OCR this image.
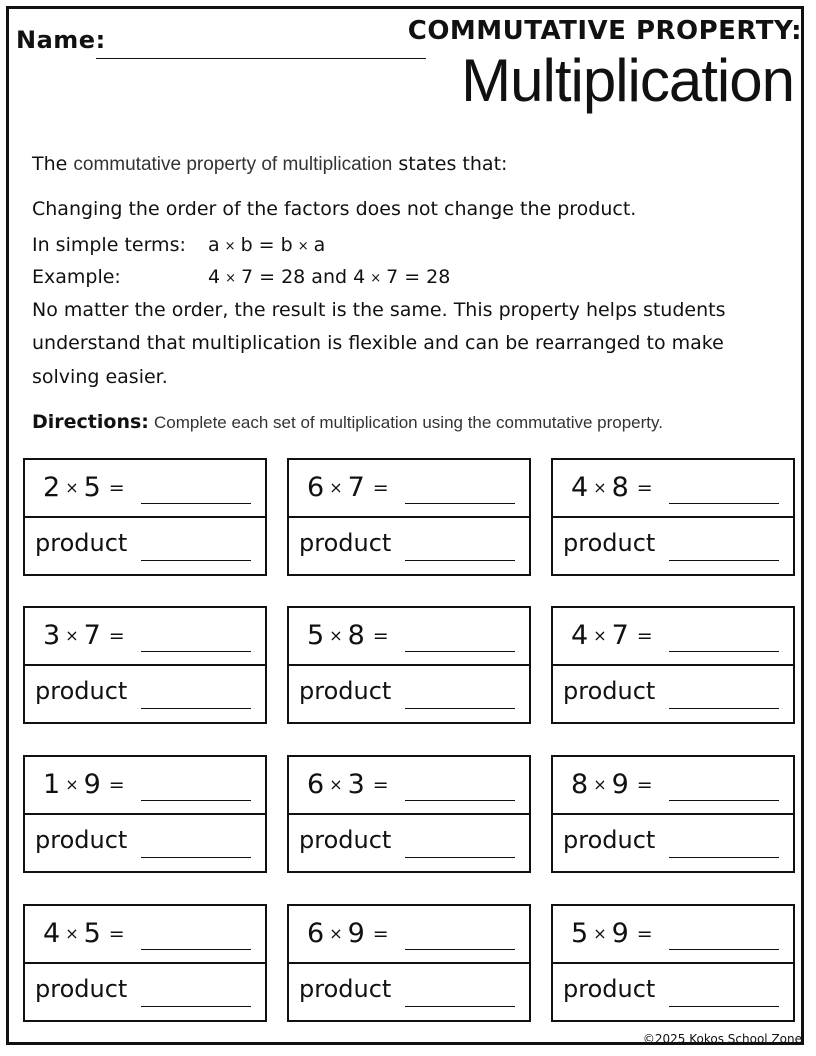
Name:	COMMUTATIVE PROPERTY:
Multiplication
The commutative property of multiplication states that:
Changing the order of the factors does not change the product.
In simple terms: a × b = b × a
Example:	4 × 7 = 28 and 4 × 7 = 28
No matter the order, the result is the same. This property helps students
understand that multiplication is flexible and can be rearranged to make
solving easier.
Directions: Complete each set of multiplication using the commutative property.
2 × 5 =
product
6 × 7 =
product
4 × 8 =
product
3 × 7 =
product
5 × 8 =
product
4 × 7 =
product
1 × 9 =
product
6 × 3 =
product
8 × 9 =
product
4 × 5 =
product
6 × 9 =
product
5 × 9 =
product
©2025 Kokos School Zone
